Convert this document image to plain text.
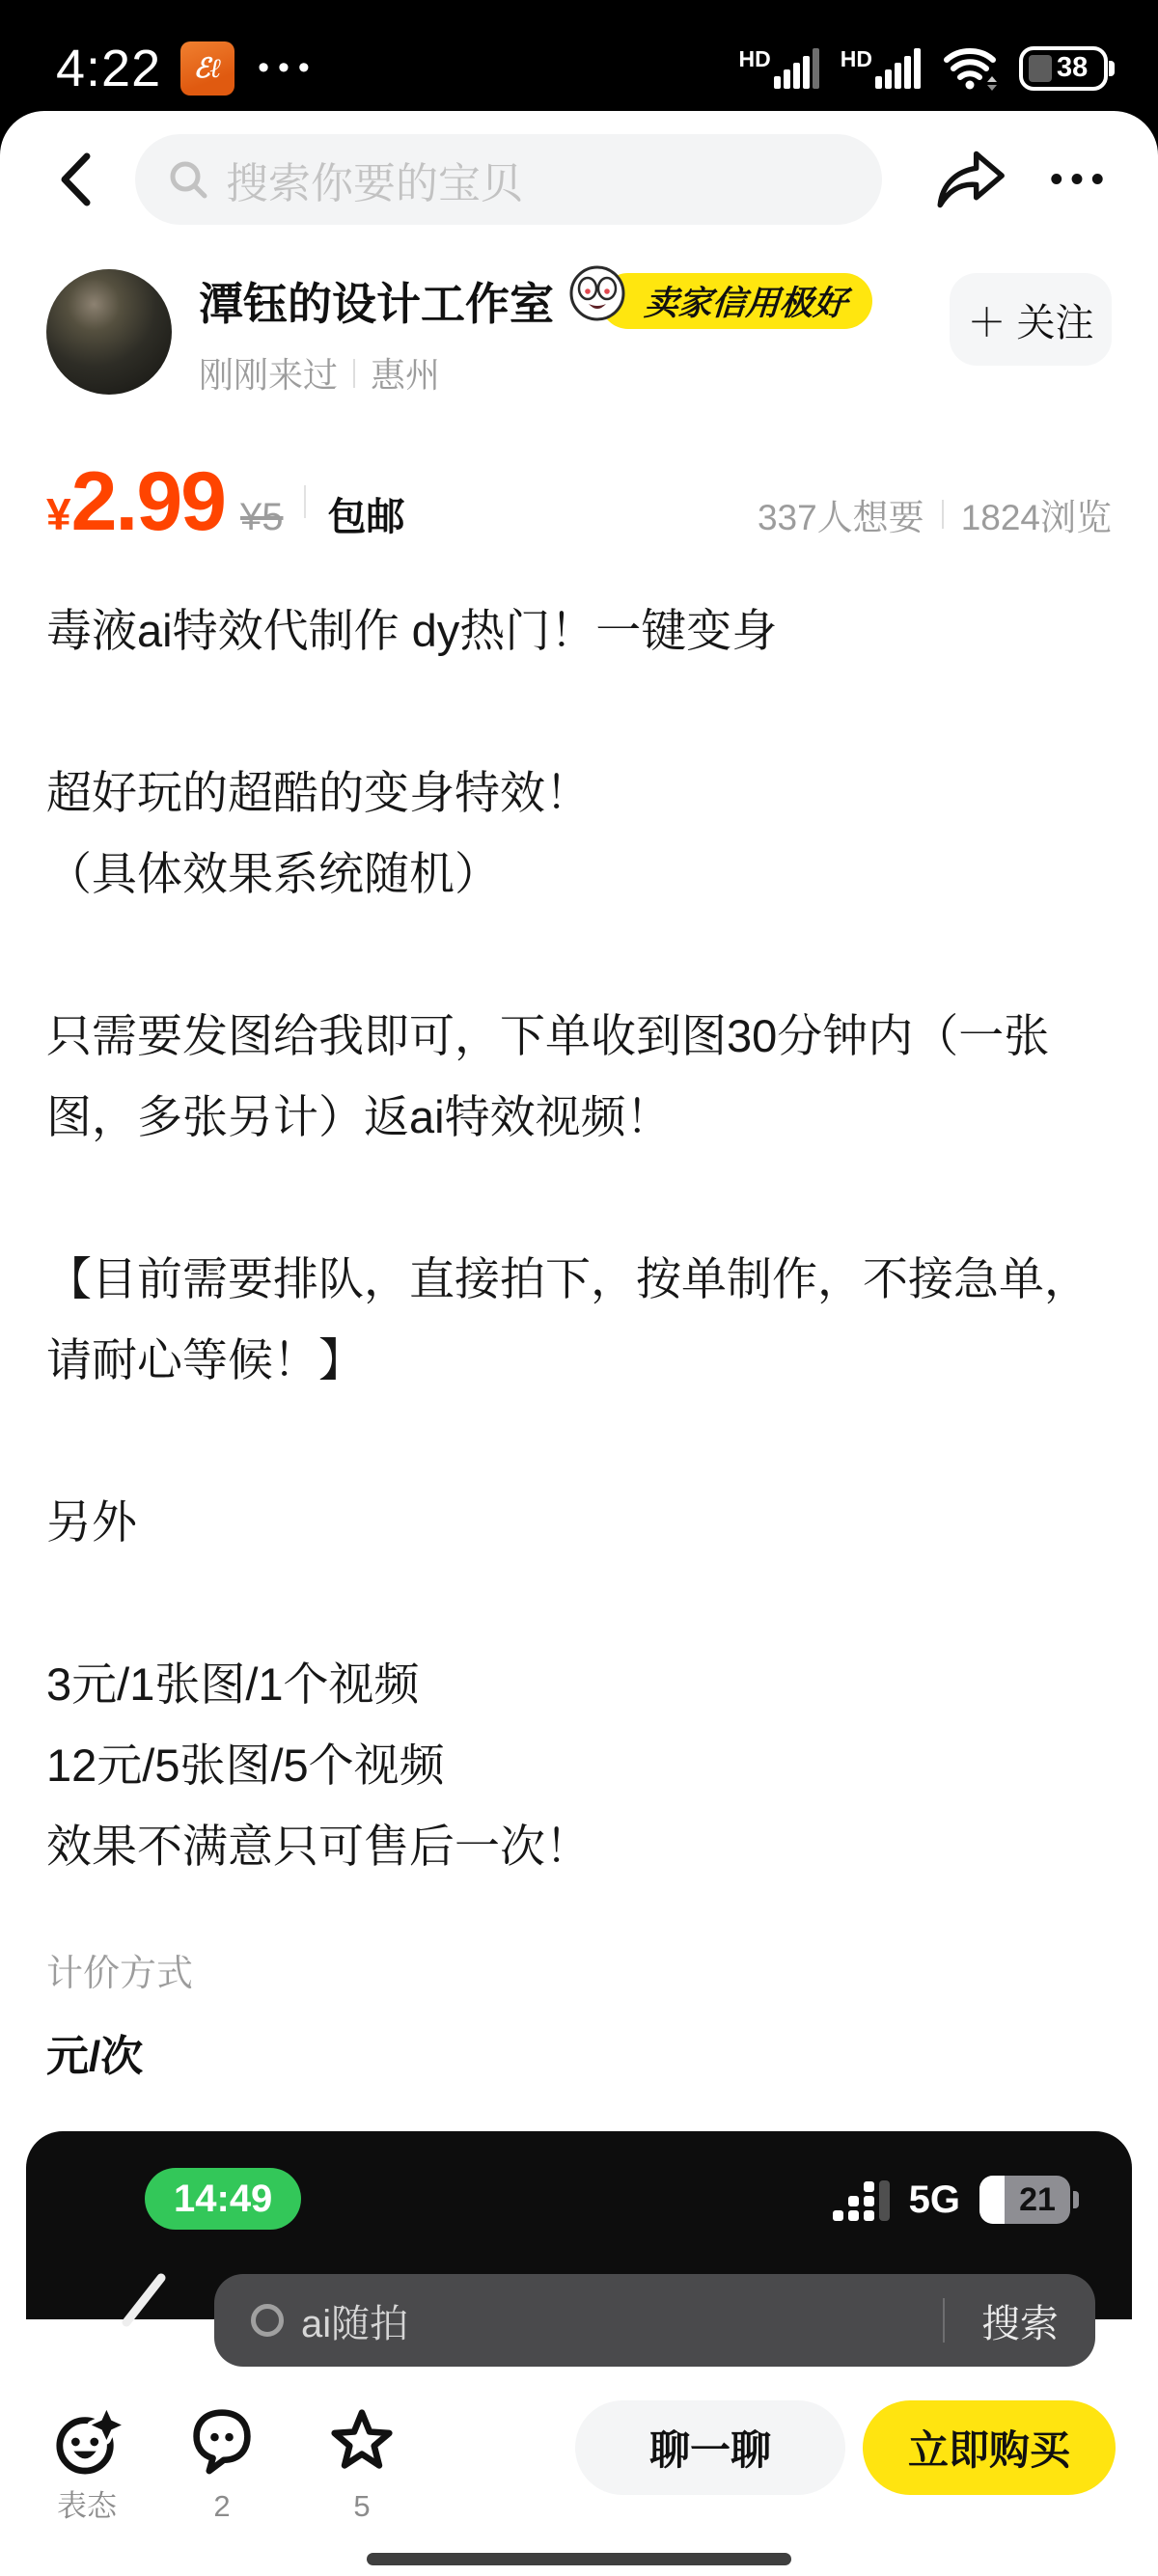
4:22	ℰℓ	•••	HD	HD	38
搜索你要的宝贝	•••
潭钰的设计工作室	卖家信用极好
刚刚来过 惠州
＋ 关注
¥ 2.99 ¥5 包邮	337人想要 1824浏览
毒液ai特效代制作 dy热门！一键变身
超好玩的超酷的变身特效！
（具体效果系统随机）
只需要发图给我即可，下单收到图30分钟内（一张
图，多张另计）返ai特效视频！
【目前需要排队，直接拍下，按单制作，不接急单，
请耐心等候！】
另外
3元/1张图/1个视频
12元/5张图/5个视频
效果不满意只可售后一次！
计价方式
元/次
14:49	5G	21
ai随拍	搜索
表态	2	5
聊一聊	立即购买
